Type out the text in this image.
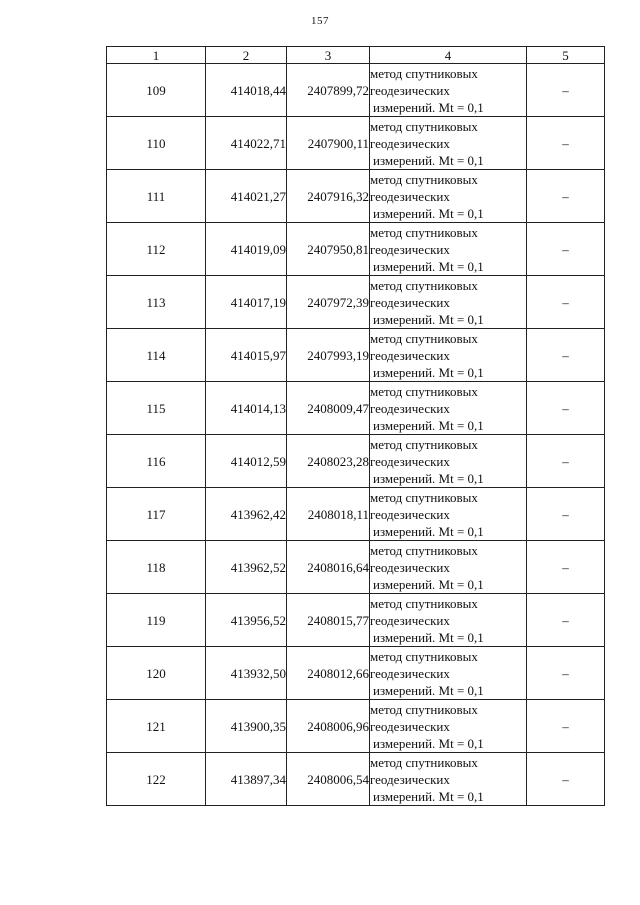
157
1	2	3	4	5
109	414018,44	2407899,72	метод спутниковых
геодезических
измерений. Mt = 0,1	–
110	414022,71	2407900,11	метод спутниковых
геодезических
измерений. Mt = 0,1	–
111	414021,27	2407916,32	метод спутниковых
геодезических
измерений. Mt = 0,1	–
112	414019,09	2407950,81	метод спутниковых
геодезических
измерений. Mt = 0,1	–
113	414017,19	2407972,39	метод спутниковых
геодезических
измерений. Mt = 0,1	–
114	414015,97	2407993,19	метод спутниковых
геодезических
измерений. Mt = 0,1	–
115	414014,13	2408009,47	метод спутниковых
геодезических
измерений. Mt = 0,1	–
116	414012,59	2408023,28	метод спутниковых
геодезических
измерений. Mt = 0,1	–
117	413962,42	2408018,11	метод спутниковых
геодезических
измерений. Mt = 0,1	–
118	413962,52	2408016,64	метод спутниковых
геодезических
измерений. Mt = 0,1	–
119	413956,52	2408015,77	метод спутниковых
геодезических
измерений. Mt = 0,1	–
120	413932,50	2408012,66	метод спутниковых
геодезических
измерений. Mt = 0,1	–
121	413900,35	2408006,96	метод спутниковых
геодезических
измерений. Mt = 0,1	–
122	413897,34	2408006,54	метод спутниковых
геодезических
измерений. Mt = 0,1	–
